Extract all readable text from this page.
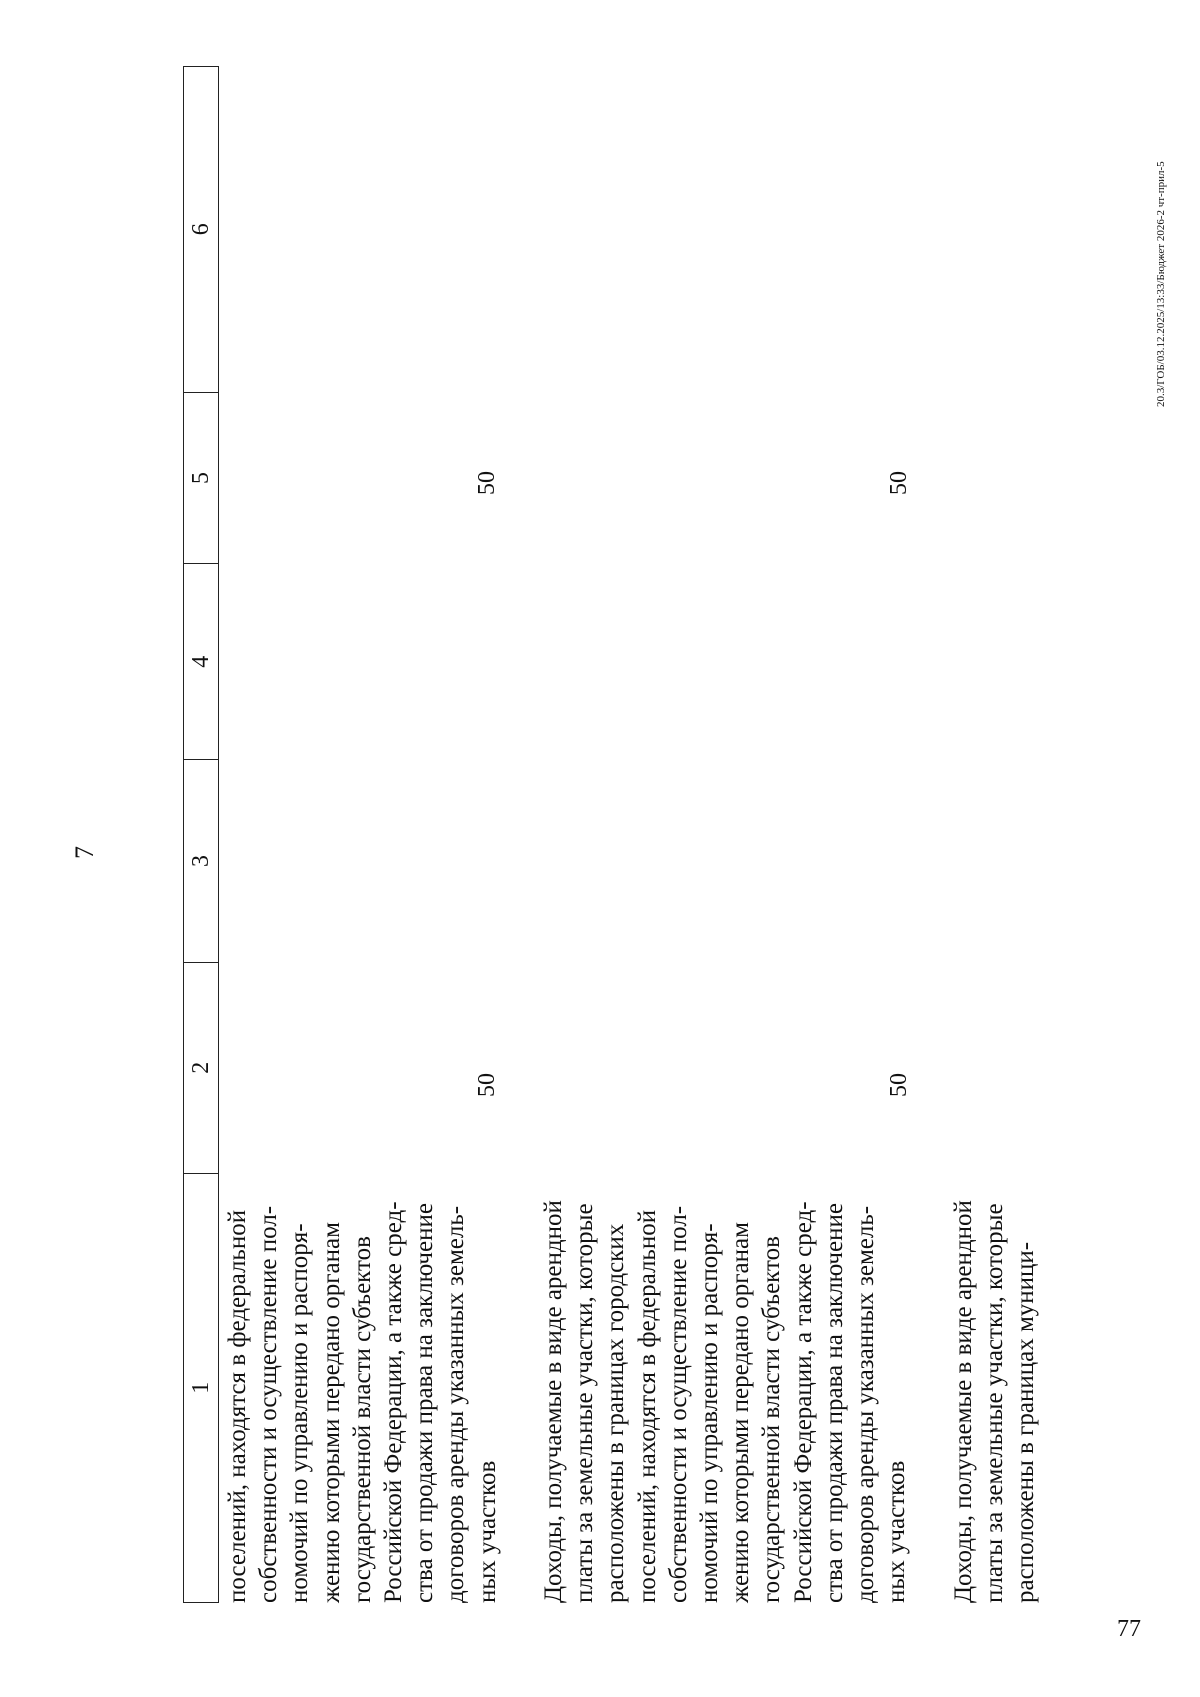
7
1
2
3
4
5
6
поселений, находятся в федеральной собственности и осуществление пол- номочий по управлению и распоря- жению которыми передано органам государственной власти субъектов Российской Федерации, а также сред- ства от продажи права на заключение договоров аренды указанных земель- ных участков
50
50
Доходы, получаемые в виде арендной платы за земельные участки, которые расположены в границах городских поселений, находятся в федеральной собственности и осуществление пол- номочий по управлению и распоря- жению которыми передано органам государственной власти субъектов Российской Федерации, а также сред- ства от продажи права на заключение договоров аренды указанных земель- ных участков
50
50
Доходы, получаемые в виде арендной платы за земельные участки, которые расположены в границах муници-
20.3/ГОБ/03.12.2025/13:33/Бюджет 2026-2 чт-прил-5
77
